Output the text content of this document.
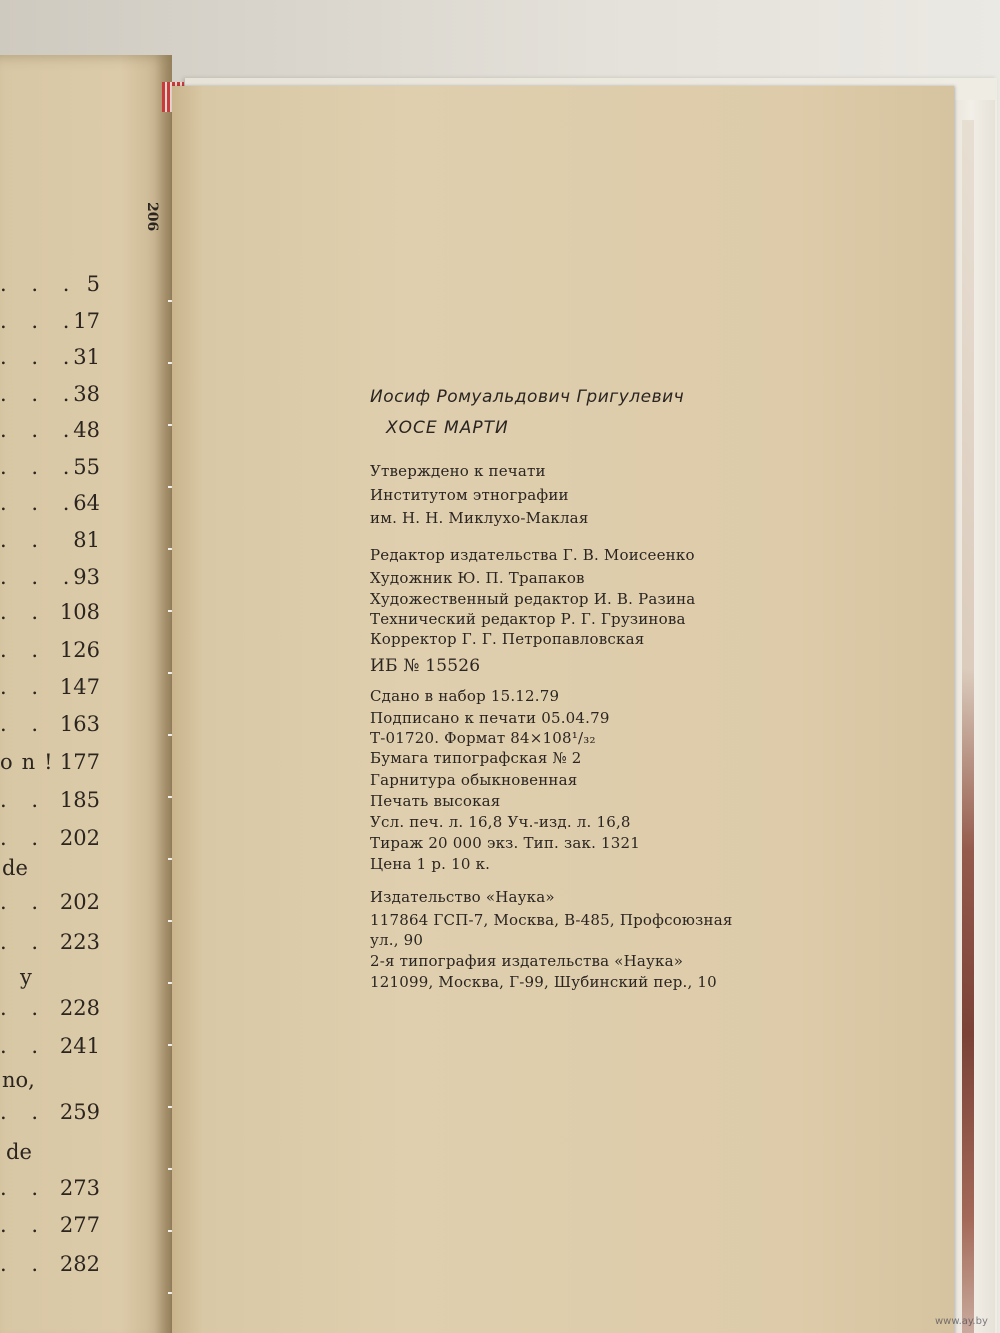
. . . 5
. . .
17
. . .
31
. . .
38
. . .
48
. . .
55
. . .
64
. . 81
. . .
93
. . 108
. . 126
. . 147
. . 163
on!
177
. . 185
. . 202
. . 202
. . 223
. . 228
. . 241
. . 259
. . 273
. . 277
. . 282
de
y
no,
de
206
Иосиф Ромуальдович Григулевич
ХОСЕ МАРТИ
Утверждено к печати
Институтом этнографии
им. Н. Н. Миклухо-Маклая
Редактор издательства Г. В. Моисеенко
Художник Ю. П. Трапаков
Художественный редактор И. В. Разина
Технический редактор Р. Г. Грузинова
Корректор Г. Г. Петропавловская
ИБ № 15526
Сдано в набор 15.12.79
Подписано к печати 05.04.79
Т-01720. Формат 84×108¹/₃₂
Бумага типографская № 2
Гарнитура обыкновенная
Печать высокая
Усл. печ. л. 16,8 Уч.-изд. л. 16,8
Тираж 20 000 экз. Тип. зак. 1321
Цена 1 р. 10 к.
Издательство «Наука»
117864 ГСП-7, Москва, В-485, Профсоюзная
ул., 90
2-я типография издательства «Наука»
121099, Москва, Г-99, Шубинский пер., 10
www.ay.by
